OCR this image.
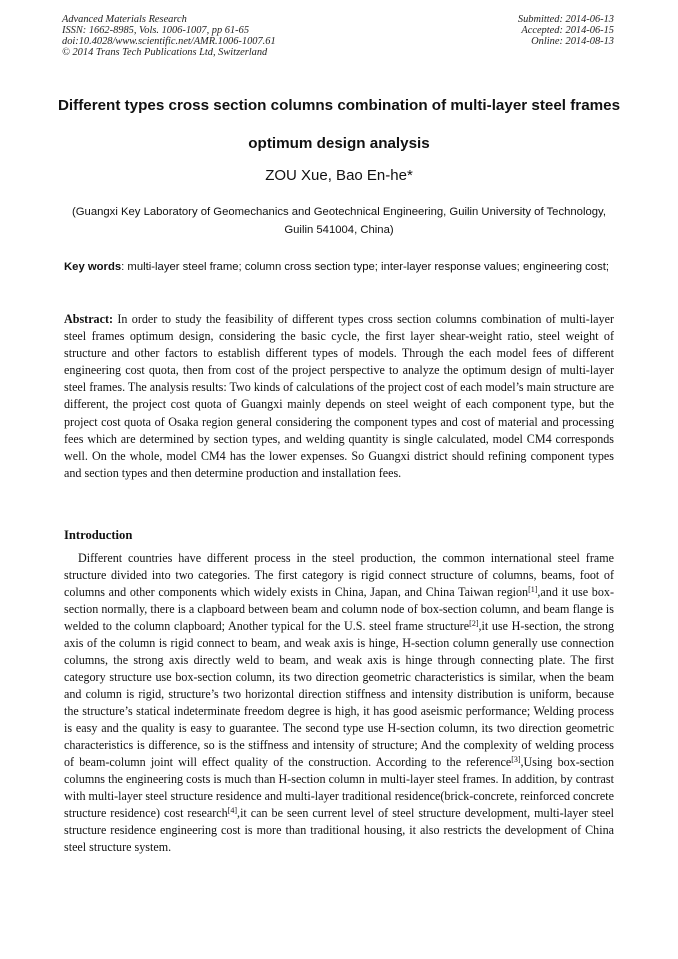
Advanced Materials Research
ISSN: 1662-8985, Vols. 1006-1007, pp 61-65
doi:10.4028/www.scientific.net/AMR.1006-1007.61
© 2014 Trans Tech Publications Ltd, Switzerland
Submitted: 2014-06-13
Accepted: 2014-06-15
Online: 2014-08-13
Different types cross section columns combination of multi-layer steel frames optimum design analysis
ZOU Xue, Bao En-he*
(Guangxi Key Laboratory of Geomechanics and Geotechnical Engineering, Guilin University of Technology, Guilin 541004, China)
Key words: multi-layer steel frame; column cross section type; inter-layer response values; engineering cost;
Abstract: In order to study the feasibility of different types cross section columns combination of multi-layer steel frames optimum design, considering the basic cycle, the first layer shear-weight ratio, steel weight of structure and other factors to establish different types of models. Through the each model fees of different engineering cost quota, then from cost of the project perspective to analyze the optimum design of multi-layer steel frames. The analysis results: Two kinds of calculations of the project cost of each model’s main structure are different, the project cost quota of Guangxi mainly depends on steel weight of each component type, but the project cost quota of Osaka region general considering the component types and cost of material and processing fees which are determined by section types, and welding quantity is single calculated, model CM4 corresponds well. On the whole, model CM4 has the lower expenses. So Guangxi district should refining component types and section types and then determine production and installation fees.
Introduction
Different countries have different process in the steel production, the common international steel frame structure divided into two categories. The first category is rigid connect structure of columns, beams, foot of columns and other components which widely exists in China, Japan, and China Taiwan region[1],and it use box-section normally, there is a clapboard between beam and column node of box-section column, and beam flange is welded to the column clapboard; Another typical for the U.S. steel frame structure[2],it use H-section, the strong axis of the column is rigid connect to beam, and weak axis is hinge, H-section column generally use connection columns, the strong axis directly weld to beam, and weak axis is hinge through connecting plate. The first category structure use box-section column, its two direction geometric characteristics is similar, when the beam and column is rigid, structure’s two horizontal direction stiffness and intensity distribution is uniform, because the structure’s statical indeterminate freedom degree is high, it has good aseismic performance; Welding process is easy and the quality is easy to guarantee. The second type use H-section column, its two direction geometric characteristics is difference, so is the stiffness and intensity of structure; And the complexity of welding process of beam-column joint will effect quality of the construction. According to the reference[3],Using box-section columns the engineering costs is much than H-section column in multi-layer steel frames. In addition, by contrast with multi-layer steel structure residence and multi-layer traditional residence(brick-concrete, reinforced concrete structure residence) cost research[4],it can be seen current level of steel structure development, multi-layer steel structure residence engineering cost is more than traditional housing, it also restricts the development of China steel structure system.
